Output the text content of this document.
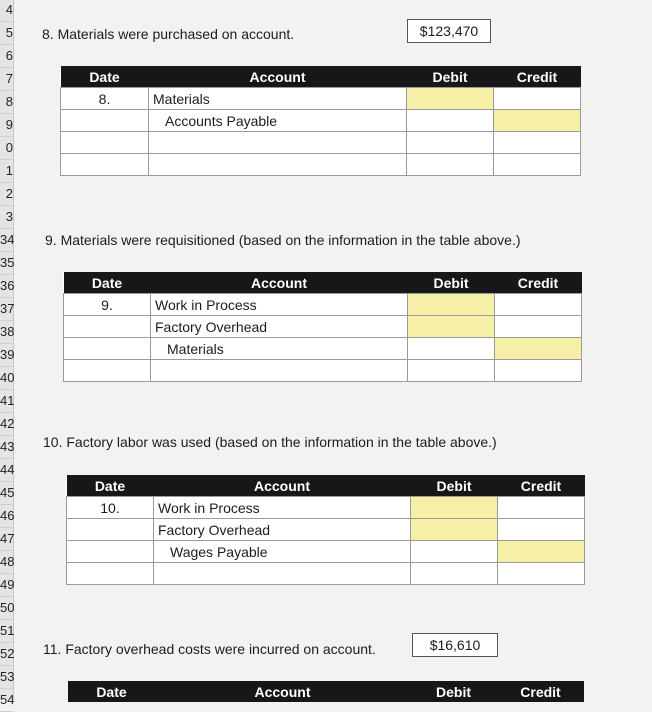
4
5
6
7
8
9
0
1
2
3
34
35
36
37
38
39
40
41
42
43
44
45
46
47
48
49
50
51
52
53
54
8. Materials were purchased on account.	$123,470
Date	Account	Debit	Credit
8.	Materials		
	Accounts Payable		

9. Materials were requisitioned (based on the information in the table above.)
Date	Account	Debit	Credit
9.	Work in Process		
	Factory Overhead		
	Materials		

10. Factory labor was used (based on the information in the table above.)
Date	Account	Debit	Credit
10.	Work in Process		
	Factory Overhead		
	Wages Payable		

11. Factory overhead costs were incurred on account.	$16,610
Date	Account	Debit	Credit
